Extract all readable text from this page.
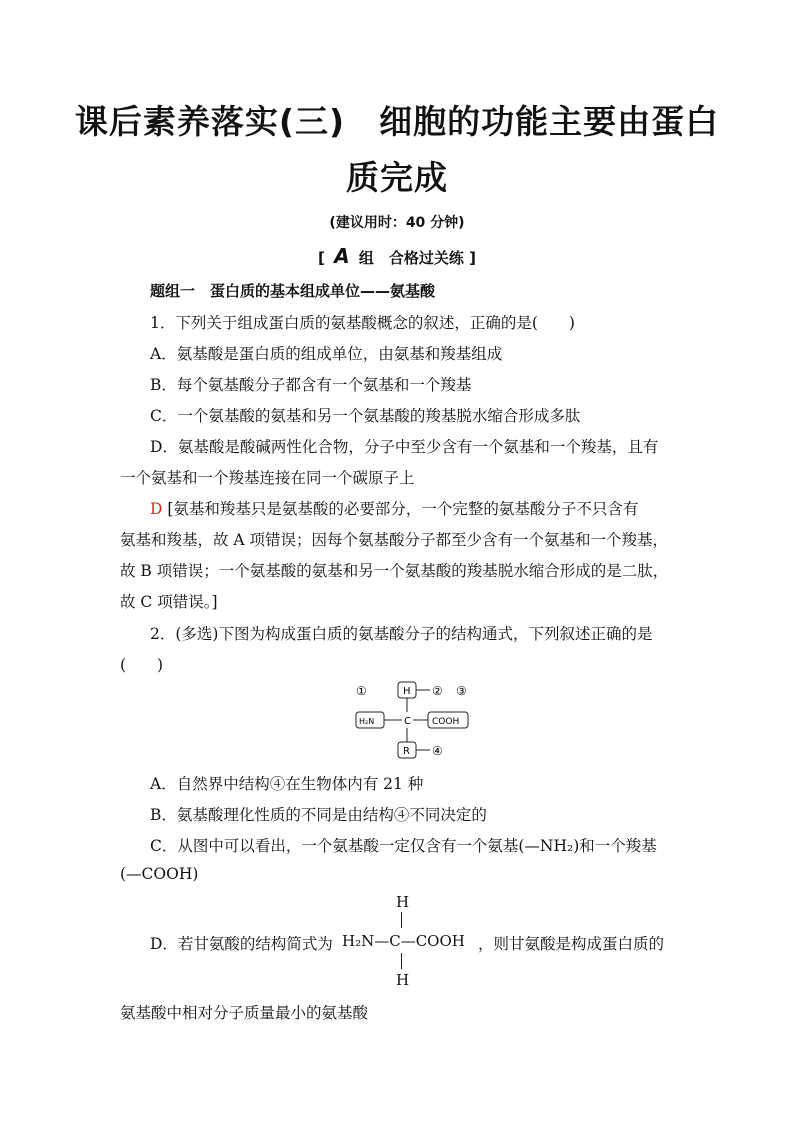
课后素养落实(三)　细胞的功能主要由蛋白
质完成
(建议用时：40 分钟)
[ A 组　合格过关练 ]
题组一　蛋白质的基本组成单位——氨基酸
1．下列关于组成蛋白质的氨基酸概念的叙述，正确的是(　　)
A．氨基酸是蛋白质的组成单位，由氨基和羧基组成
B．每个氨基酸分子都含有一个氨基和一个羧基
C．一个氨基酸的氨基和另一个氨基酸的羧基脱水缩合形成多肽
D．氨基酸是酸碱两性化合物，分子中至少含有一个氨基和一个羧基，且有
一个氨基和一个羧基连接在同一个碳原子上
D [氨基和羧基只是氨基酸的必要部分，一个完整的氨基酸分子不只含有
氨基和羧基，故 A 项错误；因每个氨基酸分子都至少含有一个氨基和一个羧基，
故 B 项错误；一个氨基酸的氨基和另一个氨基酸的羧基脱水缩合形成的是二肽，
故 C 项错误。]
2．(多选)下图为构成蛋白质的氨基酸分子的结构通式，下列叙述正确的是
(　　)
①	H ② ③
H₂N	C COOH
R ④
A．自然界中结构④在生物体内有 21 种
B．氨基酸理化性质的不同是由结构④不同决定的
C．从图中可以看出，一个氨基酸一定仅含有一个氨基(—NH₂)和一个羧基
(—COOH)
D．若甘氨酸的结构简式为
H
H₂N—C—COOH
H
，则甘氨酸是构成蛋白质的
氨基酸中相对分子质量最小的氨基酸
